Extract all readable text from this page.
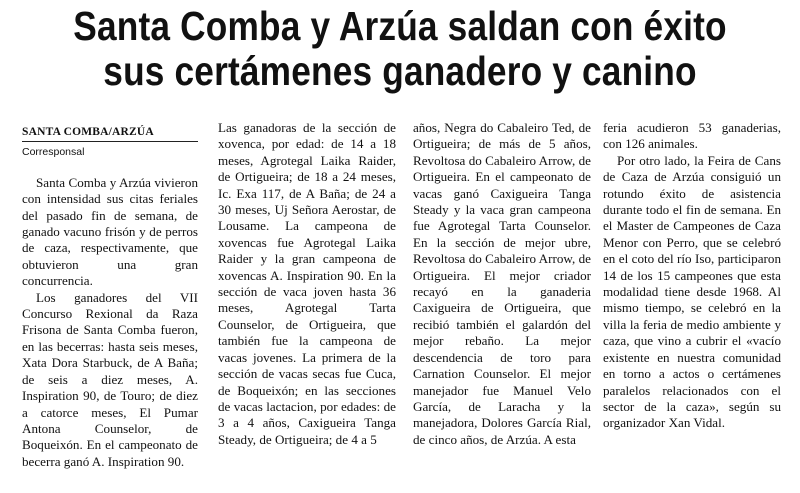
Santa Comba y Arzúa saldan con éxito
sus certámenes ganadero y canino
SANTA COMBA/ARZÚA
Corresponsal

Santa Comba y Arzúa vivieron con intensidad sus citas feriales del pasado fin de semana, de ganado vacuno frisón y de perros de caza, respectivamente, que obtuvieron una gran concurrencia.

Los ganadores del VII Concurso Rexional da Raza Frisona de Santa Comba fueron, en las becerras: hasta seis meses, Xata Dora Starbuck, de A Baña; de seis a diez meses, A. Inspiration 90, de Touro; de diez a catorce meses, El Pumar Antona Counselor, de Boqueixón. En el campeonato de becerra ganó A. Inspiration 90.

Las ganadoras de la sección de xovenca, por edad: de 14 a 18 meses, Agrotegal Laika Raider, de Ortigueira; de 18 a 24 meses, Ic. Exa 117, de A Baña; de 24 a 30 meses, Uj Señora Aerostar, de Lousame. La campeona de xovencas fue Agrotegal Laika Raider y la gran campeona de xovencas A. Inspiration 90. En la sección de vaca joven hasta 36 meses, Agrotegal Tarta Counselor, de Ortigueira, que también fue la campeona de vacas jovenes. La primera de la sección de vacas secas fue Cuca, de Boqueixón; en las secciones de vacas lactacion, por edades: de 3 a 4 años, Caxigueira Tanga Steady, de Ortigueira; de 4 a 5

años, Negra do Cabaleiro Ted, de Ortigueira; de más de 5 años, Revoltosa do Cabaleiro Arrow, de Ortigueira. En el campeonato de vacas ganó Caxigueira Tanga Steady y la vaca gran campeona fue Agrotegal Tarta Counselor. En la sección de mejor ubre, Revoltosa do Cabaleiro Arrow, de Ortigueira. El mejor criador recayó en la ganaderia Caxigueira de Ortigueira, que recibió también el galardón del mejor rebaño. La mejor descendencia de toro para Carnation Counselor. El mejor manejador fue Manuel Velo García, de Laracha y la manejadora, Dolores García Rial, de cinco años, de Arzúa. A esta

feria acudieron 53 ganaderias, con 126 animales.

Por otro lado, la Feira de Cans de Caza de Arzúa consiguió un rotundo éxito de asistencia durante todo el fin de semana. En el Master de Campeones de Caza Menor con Perro, que se celebró en el coto del río Iso, participaron 14 de los 15 campeones que esta modalidad tiene desde 1968. Al mismo tiempo, se celebró en la villa la feria de medio ambiente y caza, que vino a cubrir el «vacío existente en nuestra comunidad en torno a actos o certámenes paralelos relacionados con el sector de la caza», según su organizador Xan Vidal.
